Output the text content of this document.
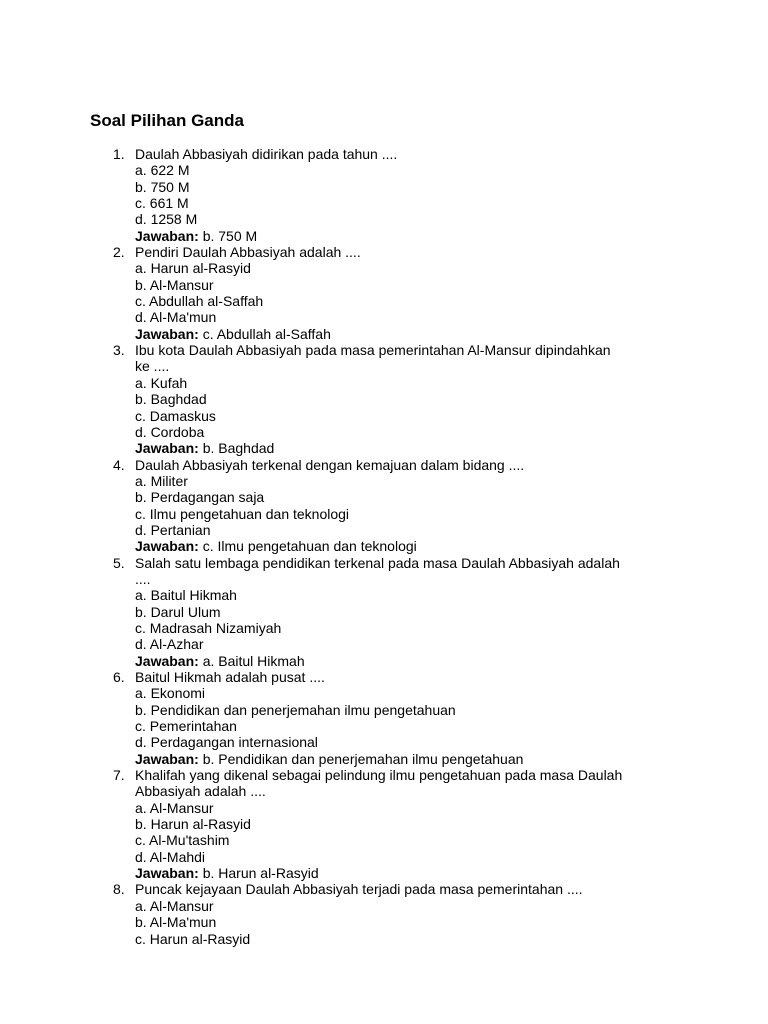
Soal Pilihan Ganda
1. Daulah Abbasiyah didirikan pada tahun ....
a. 622 M
b. 750 M
c. 661 M
d. 1258 M
Jawaban: b. 750 M
2. Pendiri Daulah Abbasiyah adalah ....
a. Harun al-Rasyid
b. Al-Mansur
c. Abdullah al-Saffah
d. Al-Ma'mun
Jawaban: c. Abdullah al-Saffah
3. Ibu kota Daulah Abbasiyah pada masa pemerintahan Al-Mansur dipindahkan ke ....
a. Kufah
b. Baghdad
c. Damaskus
d. Cordoba
Jawaban: b. Baghdad
4. Daulah Abbasiyah terkenal dengan kemajuan dalam bidang ....
a. Militer
b. Perdagangan saja
c. Ilmu pengetahuan dan teknologi
d. Pertanian
Jawaban: c. Ilmu pengetahuan dan teknologi
5. Salah satu lembaga pendidikan terkenal pada masa Daulah Abbasiyah adalah ....
a. Baitul Hikmah
b. Darul Ulum
c. Madrasah Nizamiyah
d. Al-Azhar
Jawaban: a. Baitul Hikmah
6. Baitul Hikmah adalah pusat ....
a. Ekonomi
b. Pendidikan dan penerjemahan ilmu pengetahuan
c. Pemerintahan
d. Perdagangan internasional
Jawaban: b. Pendidikan dan penerjemahan ilmu pengetahuan
7. Khalifah yang dikenal sebagai pelindung ilmu pengetahuan pada masa Daulah Abbasiyah adalah ....
a. Al-Mansur
b. Harun al-Rasyid
c. Al-Mu'tashim
d. Al-Mahdi
Jawaban: b. Harun al-Rasyid
8. Puncak kejayaan Daulah Abbasiyah terjadi pada masa pemerintahan ....
a. Al-Mansur
b. Al-Ma'mun
c. Harun al-Rasyid
